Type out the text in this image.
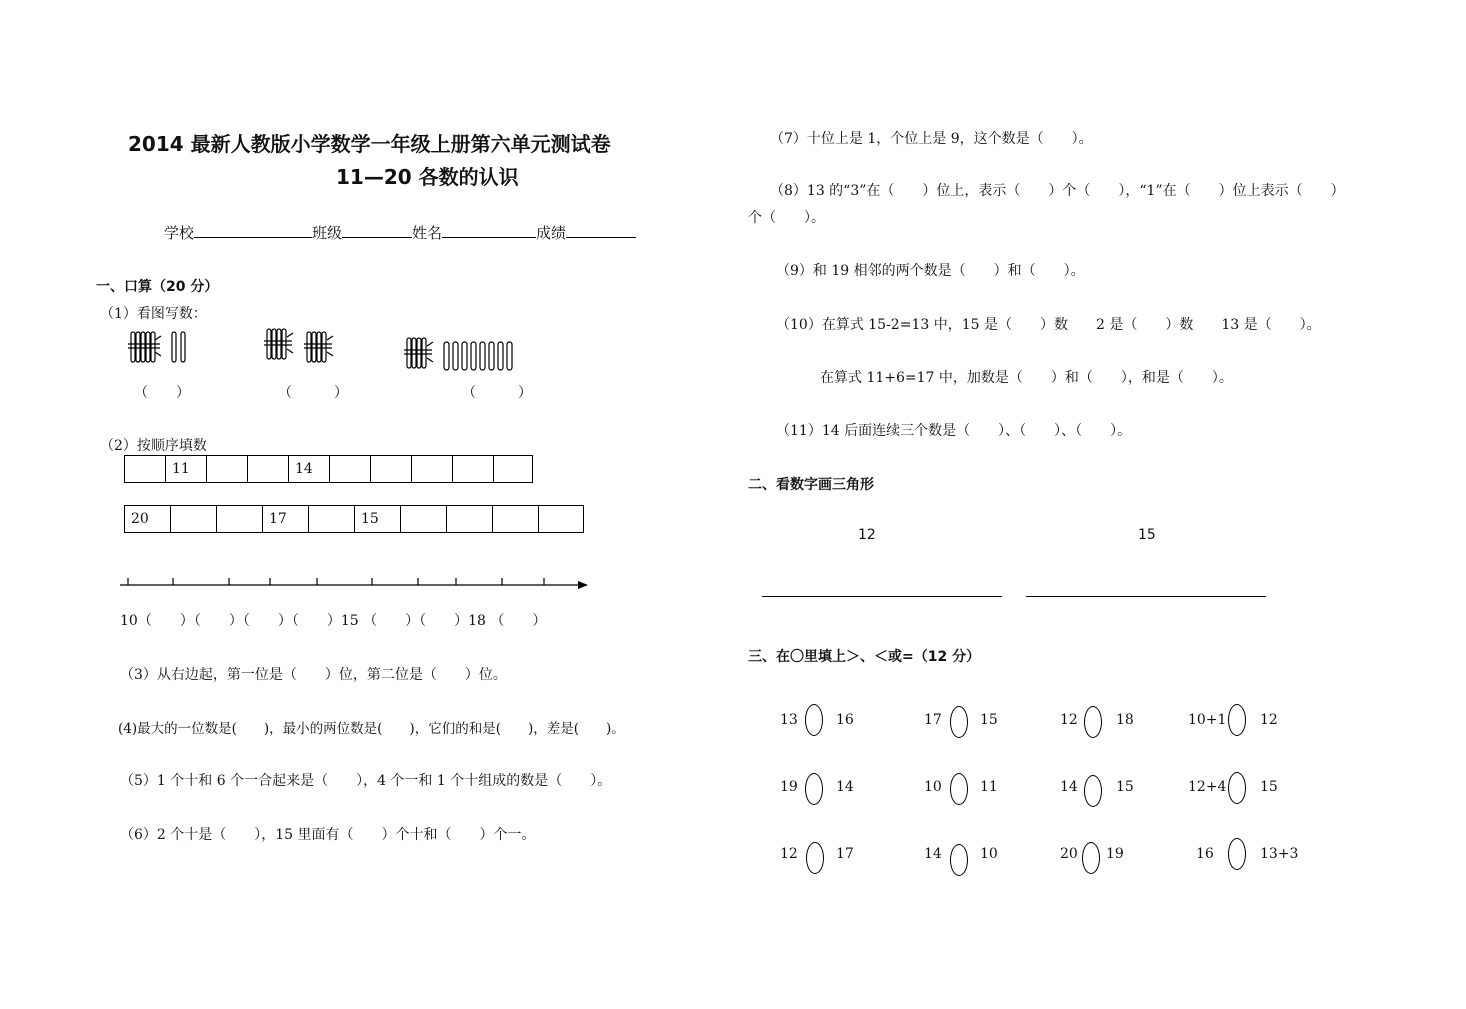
2014 最新人教版小学数学一年级上册第六单元测试卷
11—20 各数的认识
学校	班级	姓名	成绩
一、口算（20 分）
（1）看图写数：
（　　）	（　　　）	（　　　）
（2）按顺序填数
	11			14					
20			17		15				
10（　　）（　　）（　　）（　　）15 （　　）（　　）18 （　　）
（3）从右边起，第一位是（　　）位，第二位是（　　）位。
(4)最大的一位数是(　　)，最小的两位数是(　　)，它们的和是(　　)，差是(　　)。
（5）1 个十和 6 个一合起来是（　　），4 个一和 1 个十组成的数是（　　）。
（6）2 个十是（　　），15 里面有（　　）个十和（　　）个一。
（7）十位上是 1，个位上是 9，这个数是（　　）。
（8）13 的“3”在（　　）位上，表示（　　）个（　　），“1”在（　　）位上表示（　　）
个（　　）。
（9）和 19 相邻的两个数是（　　）和（　　）。
（10）在算式 15-2=13 中，15 是（　　）数　　2 是（　　）数　　13 是（　　）。
在算式 11+6=17 中，加数是（　　）和（　　），和是（　　）。
（11）14 后面连续三个数是（　　）、（　　）、（　　）。
二、看数字画三角形
12	15
三、在〇里填上＞、＜或=（12 分）
13	16	17	15	12	18	10+1 12
19	14	10	11	14	15	12+4 15
12	17	14	10	20 19	16	13+3
